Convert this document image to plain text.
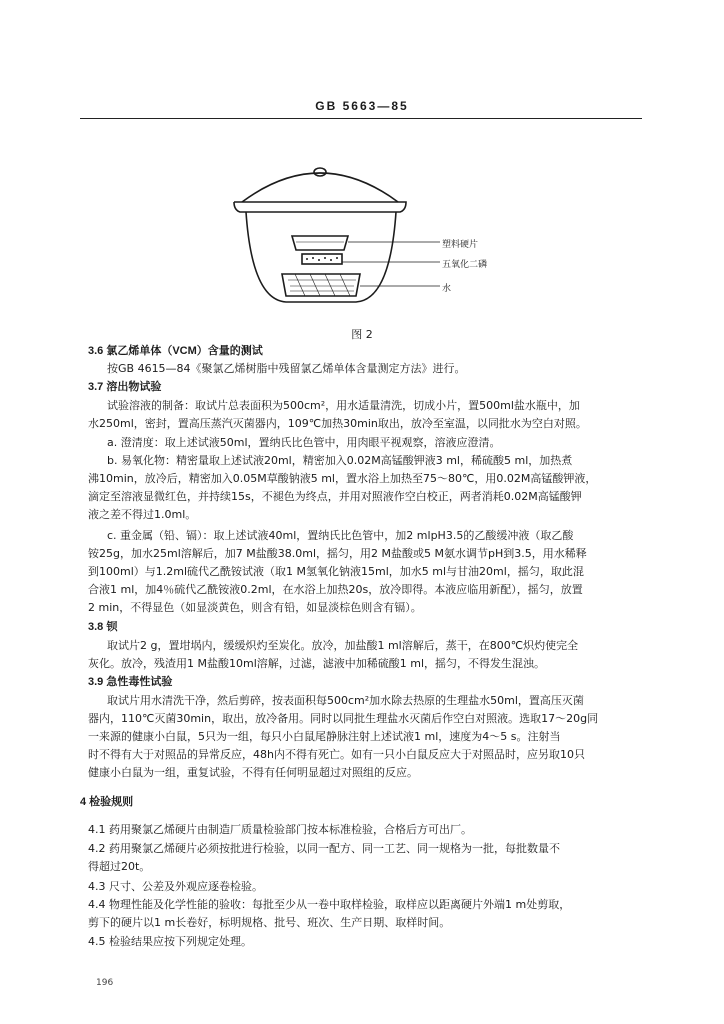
GB 5663—85
塑料硬片
五氧化二磷
水
图 2
3.6 氯乙烯单体（VCM）含量的测试
按GB 4615—84《聚氯乙烯树脂中残留氯乙烯单体含量测定方法》进行。
3.7 溶出物试验
试验溶液的制备：取试片总表面积为500cm²，用水适量清洗，切成小片，置500ml盐水瓶中，加
水250ml，密封，置高压蒸汽灭菌器内，109℃加热30min取出，放冷至室温，以同批水为空白对照。
a. 澄清度：取上述试液50ml，置纳氏比色管中，用肉眼平视观察，溶液应澄清。
b. 易氧化物：精密量取上述试液20ml，精密加入0.02M高锰酸钾液3 ml，稀硫酸5 ml，加热煮
沸10min，放冷后，精密加入0.05M草酸钠液5 ml，置水浴上加热至75～80℃，用0.02M高锰酸钾液，
滴定至溶液显微红色，并持续15s，不褪色为终点，并用对照液作空白校正，两者消耗0.02M高锰酸钾
液之差不得过1.0ml。
c. 重金属（铅、镉）：取上述试液40ml，置纳氏比色管中，加2 mlpH3.5的乙酸缓冲液（取乙酸
铵25g，加水25ml溶解后，加7 M盐酸38.0ml，摇匀，用2 M盐酸或5 M氨水调节pH到3.5，用水稀释
到100ml）与1.2ml硫代乙酰铵试液（取1 M氢氧化钠液15ml，加水5 ml与甘油20ml，摇匀，取此混
合液1 ml，加4％硫代乙酰铵液0.2ml，在水浴上加热20s，放冷即得。本液应临用新配），摇匀，放置
2 min，不得显色（如显淡黄色，则含有铅，如显淡棕色则含有镉）。
3.8 钡
取试片2 g，置坩埚内，缓缓炽灼至炭化。放冷，加盐酸1 ml溶解后，蒸干，在800℃炽灼使完全
灰化。放冷，残渣用1 M盐酸10ml溶解，过滤，滤液中加稀硫酸1 ml，摇匀，不得发生混浊。
3.9 急性毒性试验
取试片用水清洗干净，然后剪碎，按表面积每500cm²加水除去热原的生理盐水50ml，置高压灭菌
器内，110℃灭菌30min，取出，放冷备用。同时以同批生理盐水灭菌后作空白对照液。选取17～20g同
一来源的健康小白鼠，5只为一组，每只小白鼠尾静脉注射上述试液1 ml，速度为4～5 s。注射当
时不得有大于对照品的异常反应，48h内不得有死亡。如有一只小白鼠反应大于对照品时，应另取10只
健康小白鼠为一组，重复试验，不得有任何明显超过对照组的反应。
4 检验规则
4.1 药用聚氯乙烯硬片由制造厂质量检验部门按本标准检验，合格后方可出厂。
4.2 药用聚氯乙烯硬片必须按批进行检验，以同一配方、同一工艺、同一规格为一批，每批数量不
得超过20t。
4.3 尺寸、公差及外观应逐卷检验。
4.4 物理性能及化学性能的验收：每批至少从一卷中取样检验，取样应以距离硬片外端1 m处剪取，
剪下的硬片以1 m长卷好，标明规格、批号、班次、生产日期、取样时间。
4.5 检验结果应按下列规定处理。
196
